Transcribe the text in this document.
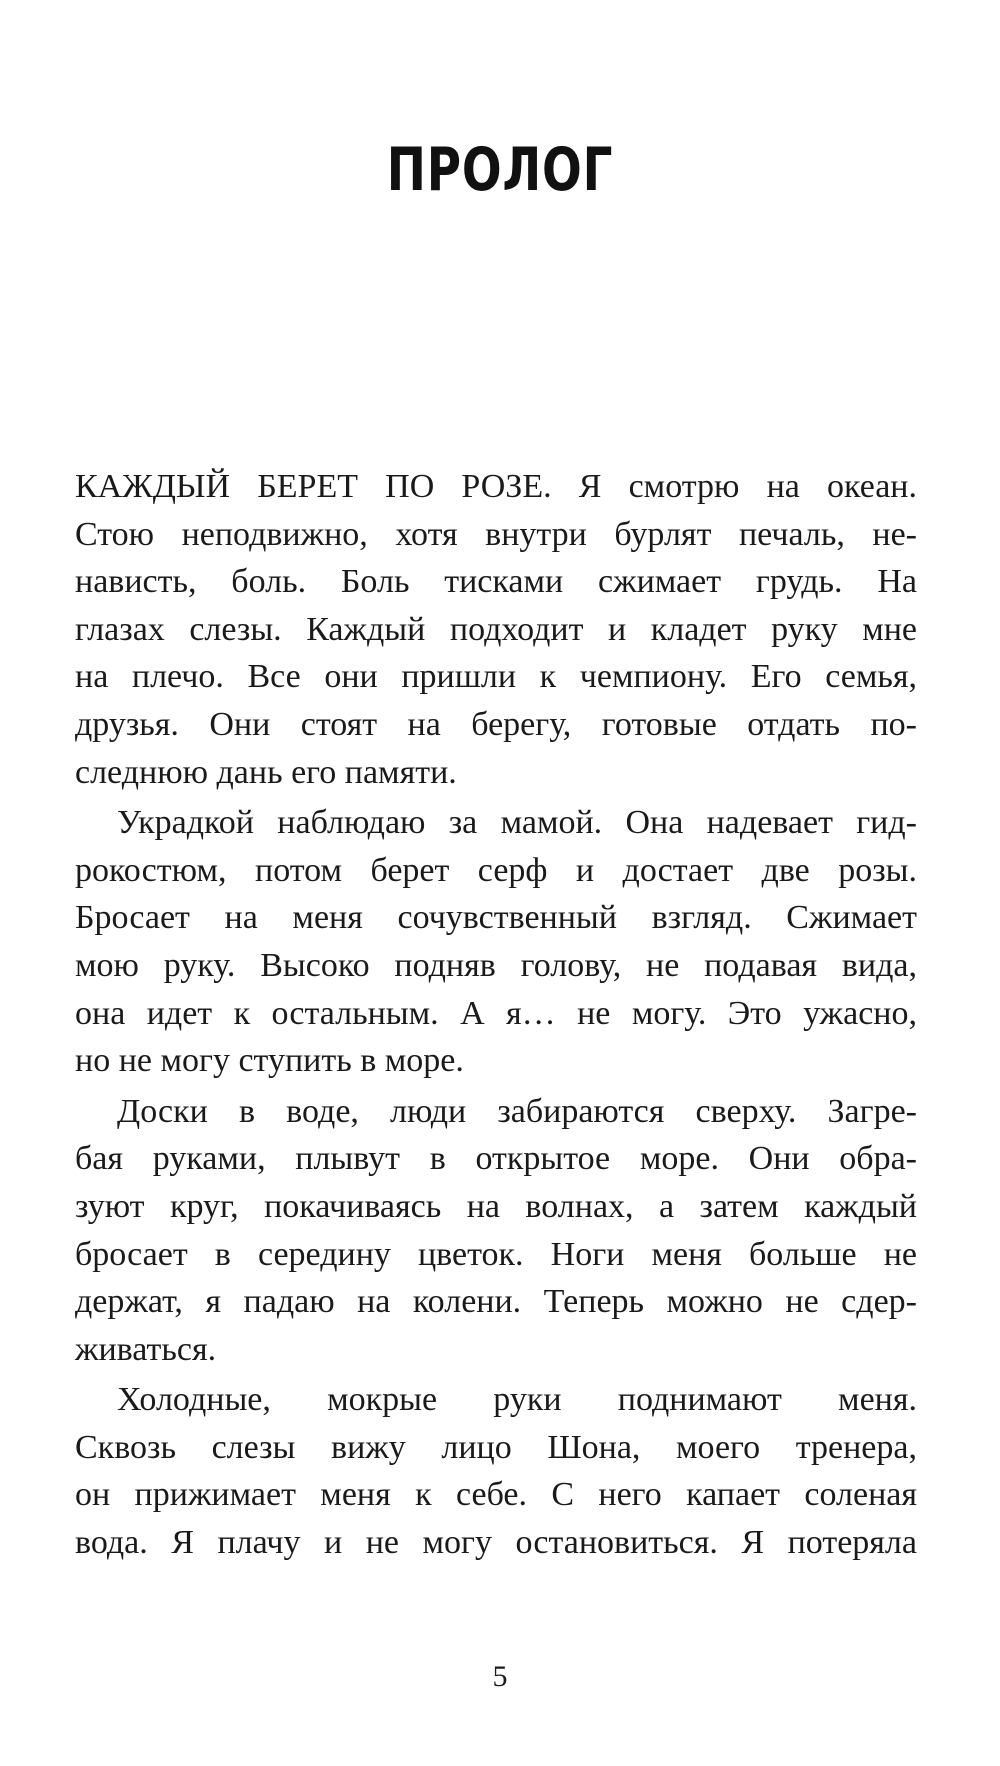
ПРОЛОГ
КАЖДЫЙ БЕРЕТ ПО РОЗЕ. Я смотрю на океан.
Стою неподвижно, хотя внутри бурлят печаль, не-
нависть, боль. Боль тисками сжимает грудь. На
глазах слезы. Каждый подходит и кладет руку мне
на плечо. Все они пришли к чемпиону. Его семья,
друзья. Они стоят на берегу, готовые отдать по-
следнюю дань его памяти.
Украдкой наблюдаю за мамой. Она надевает гид-
рокостюм, потом берет серф и достает две розы.
Бросает на меня сочувственный взгляд. Сжимает
мою руку. Высоко подняв голову, не подавая вида,
она идет к остальным. А я… не могу. Это ужасно,
но не могу ступить в море.
Доски в воде, люди забираются сверху. Загре-
бая руками, плывут в открытое море. Они обра-
зуют круг, покачиваясь на волнах, а затем каждый
бросает в середину цветок. Ноги меня больше не
держат, я падаю на колени. Теперь можно не сдер-
живаться.
Холодные, мокрые руки поднимают меня.
Сквозь слезы вижу лицо Шона, моего тренера,
он прижимает меня к себе. С него капает соленая
вода. Я плачу и не могу остановиться. Я потеряла
5
